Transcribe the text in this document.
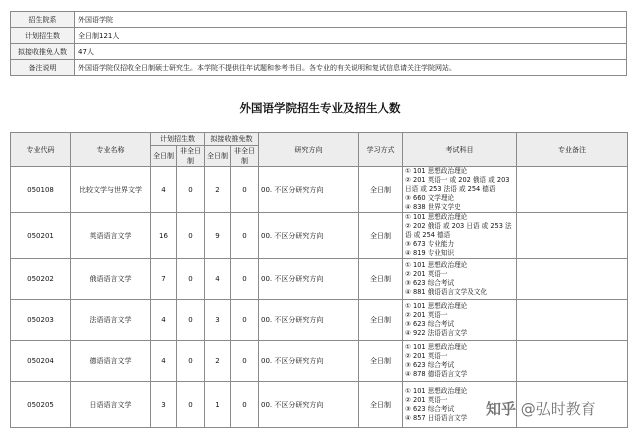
招生院系	外国语学院
计划招生数	全日制121人
拟接收推免人数	47人
备注说明	外国语学院仅招收全日制硕士研究生。本学院不提供往年试题和参考书目。各专业的有关说明和复试信息请关注学院网站。
外国语学院招生专业及招生人数
专业代码	专业名称	计划招生数		拟接收推免数		研究方向	学习方式	考试科目	专业备注
		全日制	非全日制	全日制	非全日制				
050108	比较文学与世界文学	4	0	2	0	00. 不区分研究方向	全日制	① 101 思想政治理论
② 201 英语一 或 202 俄语 或 203
日语 或 253 法语 或 254 德语
③ 660 文学理论
④ 838 世界文学史	

050201	英语语言文学	16	0	9	0	00. 不区分研究方向	全日制	① 101 思想政治理论
② 202 俄语 或 203 日语 或 253 法
语 或 254 德语
③ 673 专业能力
④ 819 专业知识	

050202	俄语语言文学	7	0	4	0	00. 不区分研究方向	全日制	① 101 思想政治理论
② 201 英语一
③ 623 综合考试
④ 881 俄语语言文学及文化	

050203	法语语言文学	4	0	3	0	00. 不区分研究方向	全日制	① 101 思想政治理论
② 201 英语一
③ 623 综合考试
④ 922 法语语言文学	

050204	德语语言文学	4	0	2	0	00. 不区分研究方向	全日制	① 101 思想政治理论
② 201 英语一
③ 623 综合考试
④ 878 德语语言文学	

050205	日语语言文学	3	0	1	0	00. 不区分研究方向	全日制	① 101 思想政治理论
② 201 英语一
③ 623 综合考试
④ 857 日语语言文学	
		知乎 @弘时教育
